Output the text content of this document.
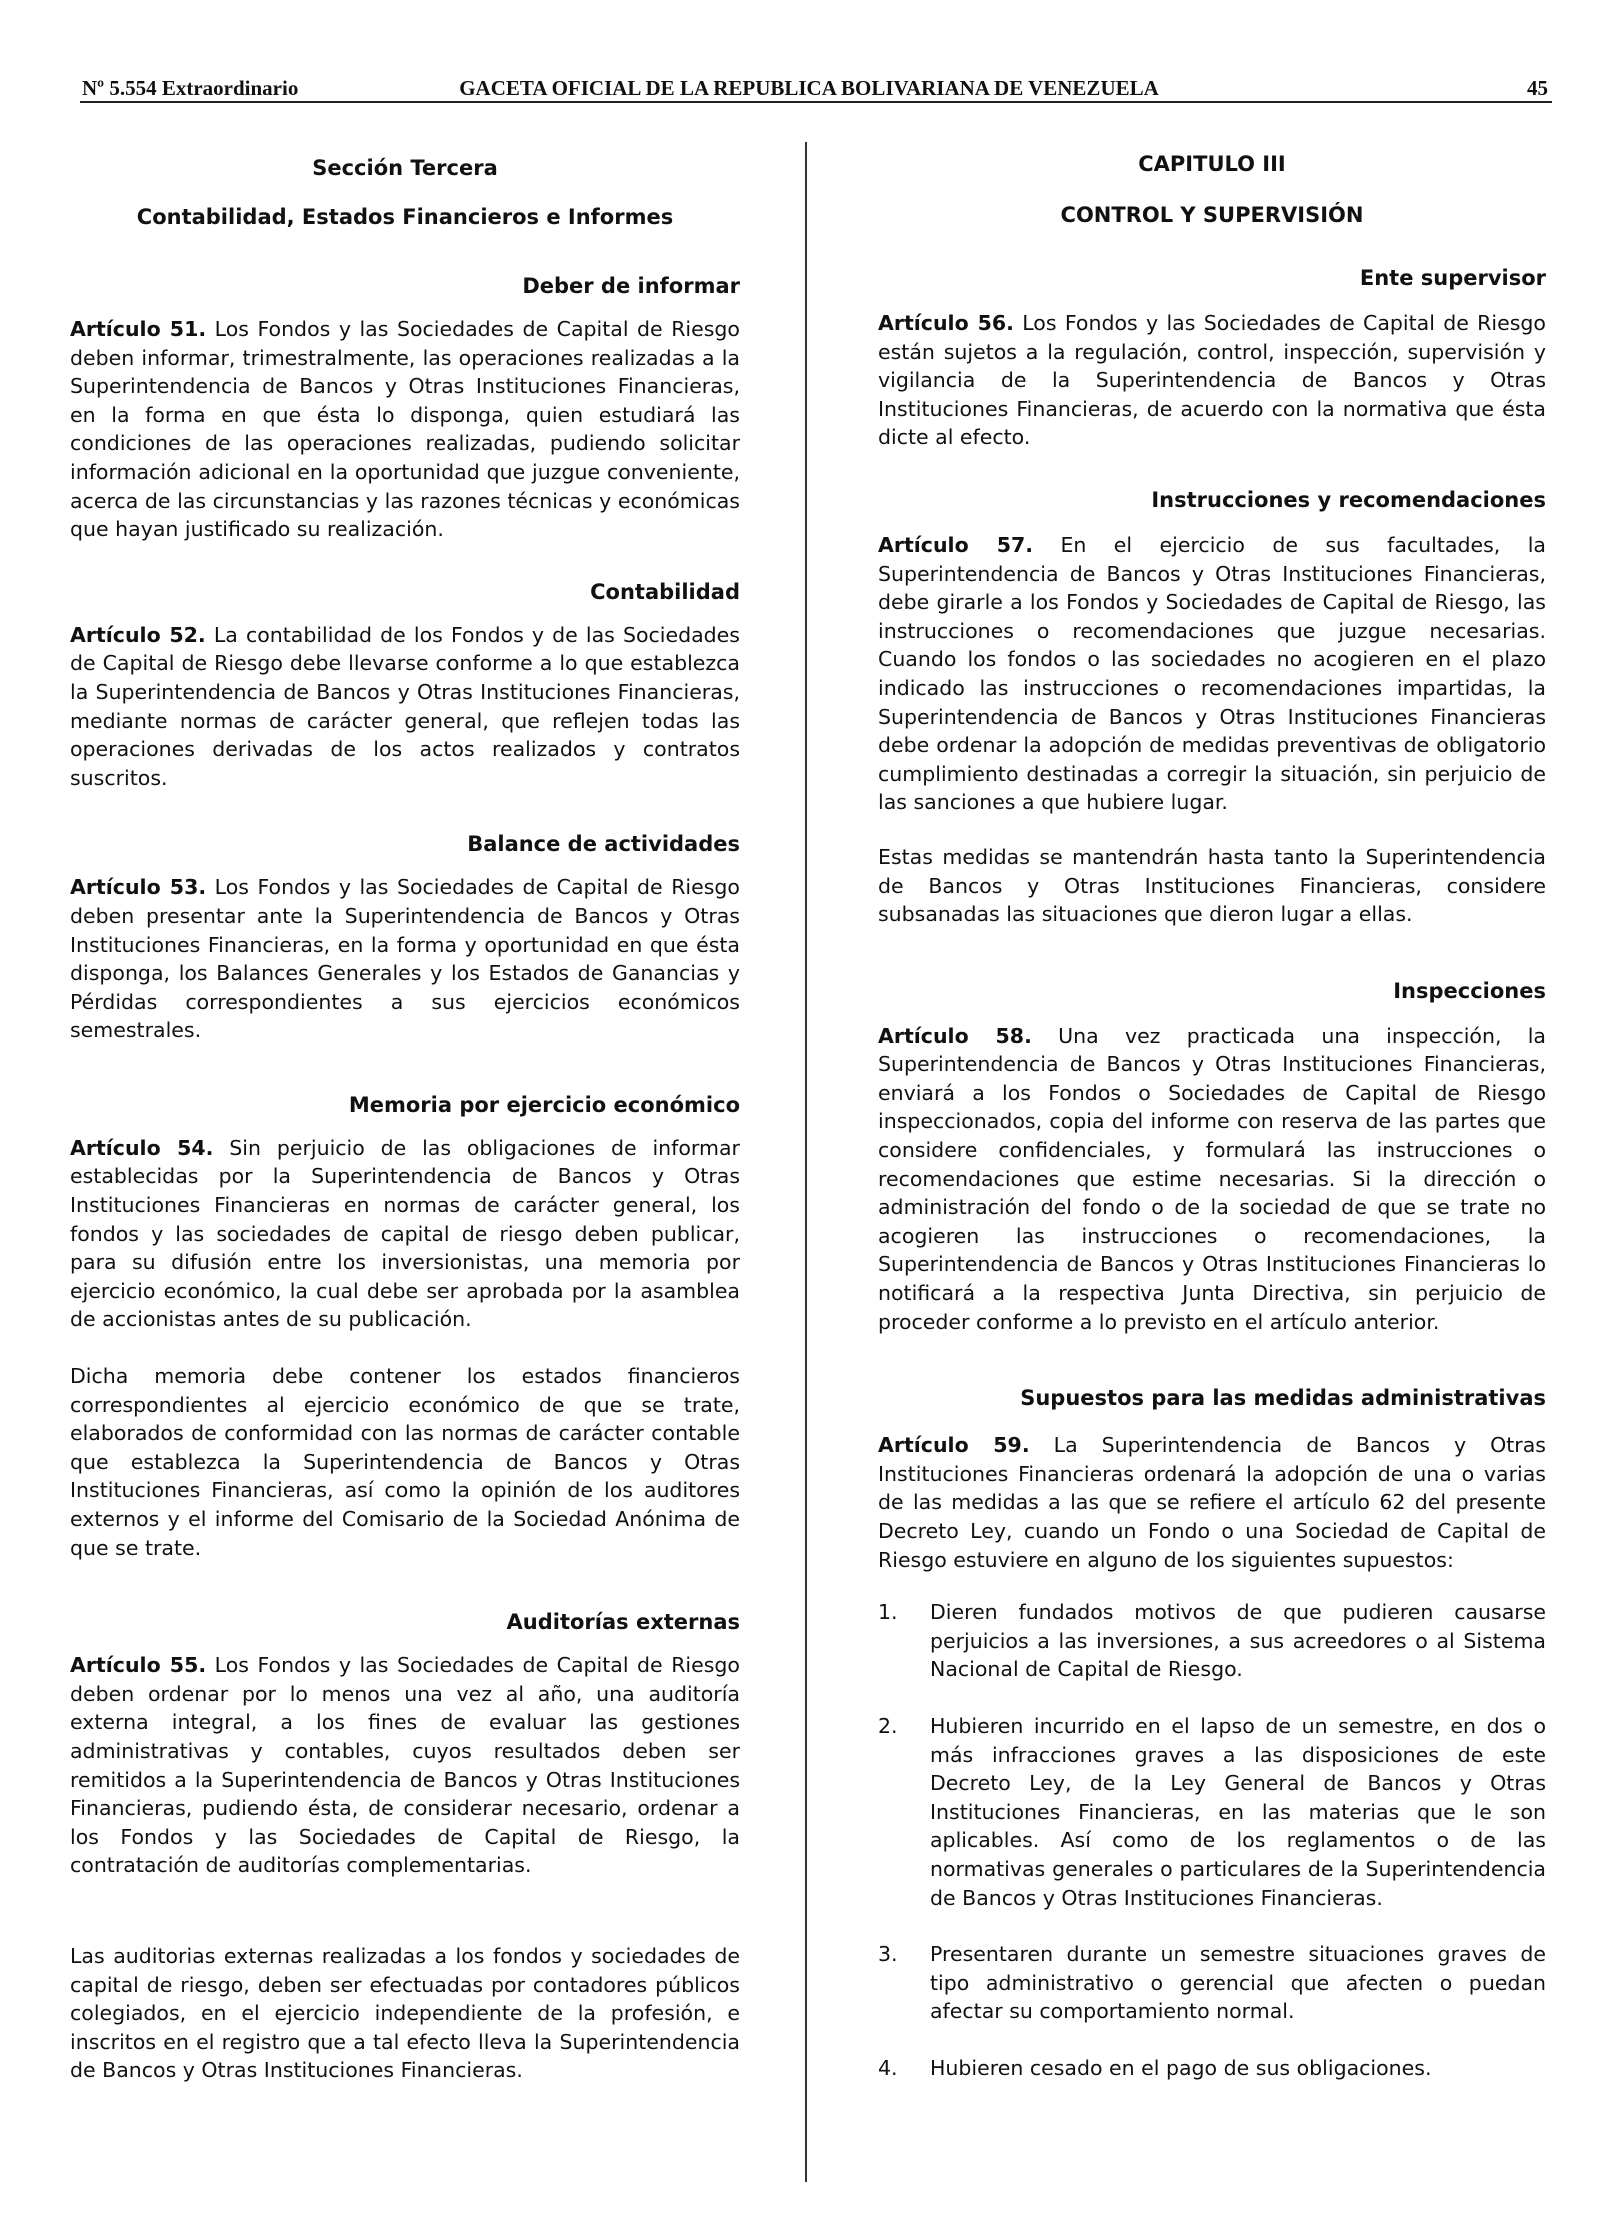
Nº 5.554 Extraordinario	GACETA OFICIAL DE LA REPUBLICA BOLIVARIANA DE VENEZUELA	45
Sección Tercera
Contabilidad, Estados Financieros e Informes
Deber de informar

Artículo 51. Los Fondos y las Sociedades de Capital de Riesgo deben informar, trimestralmente, las operaciones realizadas a la Superintendencia de Bancos y Otras Instituciones Financieras, en la forma en que ésta lo disponga, quien estudiará las condiciones de las operaciones realizadas, pudiendo solicitar información adicional en la oportunidad que juzgue conveniente, acerca de las circunstancias y las razones técnicas y económicas que hayan justificado su realización.

Contabilidad

Artículo 52. La contabilidad de los Fondos y de las Sociedades de Capital de Riesgo debe llevarse conforme a lo que establezca la Superintendencia de Bancos y Otras Instituciones Financieras, mediante normas de carácter general, que reflejen todas las operaciones derivadas de los actos realizados y contratos suscritos.

Balance de actividades

Artículo 53. Los Fondos y las Sociedades de Capital de Riesgo deben presentar ante la Superintendencia de Bancos y Otras Instituciones Financieras, en la forma y oportunidad en que ésta disponga, los Balances Generales y los Estados de Ganancias y Pérdidas correspondientes a sus ejercicios económicos semestrales.

Memoria por ejercicio económico

Artículo 54. Sin perjuicio de las obligaciones de informar establecidas por la Superintendencia de Bancos y Otras Instituciones Financieras en normas de carácter general, los fondos y las sociedades de capital de riesgo deben publicar, para su difusión entre los inversionistas, una memoria por ejercicio económico, la cual debe ser aprobada por la asamblea de accionistas antes de su publicación.

Dicha memoria debe contener los estados financieros correspondientes al ejercicio económico de que se trate, elaborados de conformidad con las normas de carácter contable que establezca la Superintendencia de Bancos y Otras Instituciones Financieras, así como la opinión de los auditores externos y el informe del Comisario de la Sociedad Anónima de que se trate.

Auditorías externas

Artículo 55. Los Fondos y las Sociedades de Capital de Riesgo deben ordenar por lo menos una vez al año, una auditoría externa integral, a los fines de evaluar las gestiones administrativas y contables, cuyos resultados deben ser remitidos a la Superintendencia de Bancos y Otras Instituciones Financieras, pudiendo ésta, de considerar necesario, ordenar a los Fondos y las Sociedades de Capital de Riesgo, la contratación de auditorías complementarias.

Las auditorias externas realizadas a los fondos y sociedades de capital de riesgo, deben ser efectuadas por contadores públicos colegiados, en el ejercicio independiente de la profesión, e inscritos en el registro que a tal efecto lleva la Superintendencia de Bancos y Otras Instituciones Financieras.

CAPITULO III
CONTROL Y SUPERVISIÓN
Ente supervisor

Artículo 56. Los Fondos y las Sociedades de Capital de Riesgo están sujetos a la regulación, control, inspección, supervisión y vigilancia de la Superintendencia de Bancos y Otras Instituciones Financieras, de acuerdo con la normativa que ésta dicte al efecto.

Instrucciones y recomendaciones

Artículo 57. En el ejercicio de sus facultades, la Superintendencia de Bancos y Otras Instituciones Financieras, debe girarle a los Fondos y Sociedades de Capital de Riesgo, las instrucciones o recomendaciones que juzgue necesarias. Cuando los fondos o las sociedades no acogieren en el plazo indicado las instrucciones o recomendaciones impartidas, la Superintendencia de Bancos y Otras Instituciones Financieras debe ordenar la adopción de medidas preventivas de obligatorio cumplimiento destinadas a corregir la situación, sin perjuicio de las sanciones a que hubiere lugar.

Estas medidas se mantendrán hasta tanto la Superintendencia de Bancos y Otras Instituciones Financieras, considere subsanadas las situaciones que dieron lugar a ellas.

Inspecciones

Artículo 58. Una vez practicada una inspección, la Superintendencia de Bancos y Otras Instituciones Financieras, enviará a los Fondos o Sociedades de Capital de Riesgo inspeccionados, copia del informe con reserva de las partes que considere confidenciales, y formulará las instrucciones o recomendaciones que estime necesarias. Si la dirección o administración del fondo o de la sociedad de que se trate no acogieren las instrucciones o recomendaciones, la Superintendencia de Bancos y Otras Instituciones Financieras lo notificará a la respectiva Junta Directiva, sin perjuicio de proceder conforme a lo previsto en el artículo anterior.

Supuestos para las medidas administrativas

Artículo 59. La Superintendencia de Bancos y Otras Instituciones Financieras ordenará la adopción de una o varias de las medidas a las que se refiere el artículo 62 del presente Decreto Ley, cuando un Fondo o una Sociedad de Capital de Riesgo estuviere en alguno de los siguientes supuestos:

1. Dieren fundados motivos de que pudieren causarse perjuicios a las inversiones, a sus acreedores o al Sistema Nacional de Capital de Riesgo.

2. Hubieren incurrido en el lapso de un semestre, en dos o más infracciones graves a las disposiciones de este Decreto Ley, de la Ley General de Bancos y Otras Instituciones Financieras, en las materias que le son aplicables. Así como de los reglamentos o de las normativas generales o particulares de la Superintendencia de Bancos y Otras Instituciones Financieras.

3. Presentaren durante un semestre situaciones graves de tipo administrativo o gerencial que afecten o puedan afectar su comportamiento normal.

4. Hubieren cesado en el pago de sus obligaciones.
